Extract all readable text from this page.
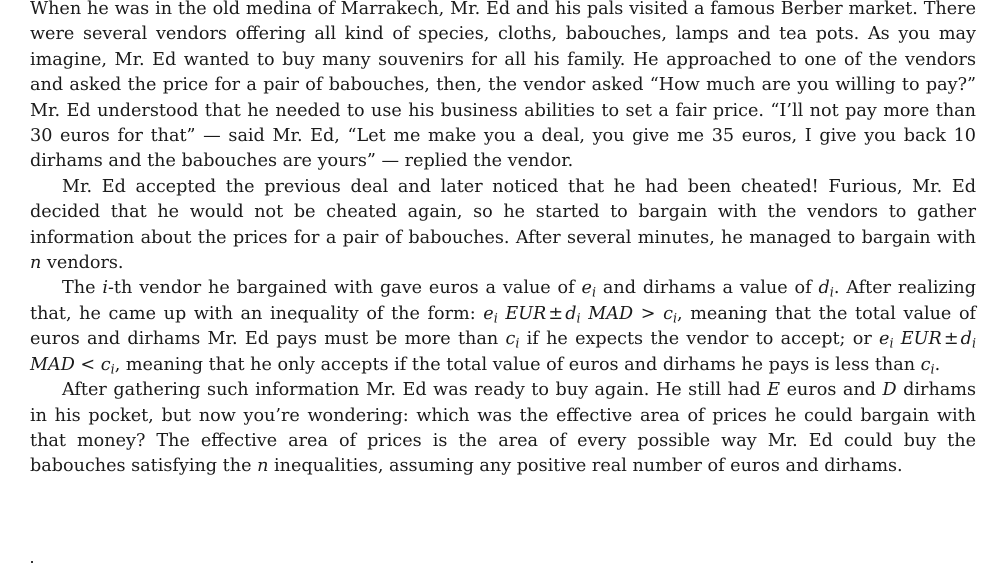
When he was in the old medina of Marrakech, Mr. Ed and his pals visited a famous Berber market. There were several vendors offering all kind of species, cloths, babouches, lamps and tea pots. As you may imagine, Mr. Ed wanted to buy many souvenirs for all his family. He approached to one of the vendors and asked the price for a pair of babouches, then, the vendor asked “How much are you willing to pay?” Mr. Ed understood that he needed to use his business abilities to set a fair price. “I’ll not pay more than 30 euros for that” — said Mr. Ed, “Let me make you a deal, you give me 35 euros, I give you back 10 dirhams and the babouches are yours” — replied the vendor.

Mr. Ed accepted the previous deal and later noticed that he had been cheated! Furious, Mr. Ed decided that he would not be cheated again, so he started to bargain with the vendors to gather information about the prices for a pair of babouches. After several minutes, he managed to bargain with n vendors.

The i-th vendor he bargained with gave euros a value of $e_i$ and dirhams a value of $d_i$. After realizing that, he came up with an inequality of the form: $e_i$ EUR ± $d_i$ MAD > $c_i$, meaning that the total value of euros and dirhams Mr. Ed pays must be more than $c_i$ if he expects the vendor to accept; or $e_i$ EUR ± $d_i$ MAD < $c_i$, meaning that he only accepts if the total value of euros and dirhams he pays is less than $c_i$.

After gathering such information Mr. Ed was ready to buy again. He still had E euros and D dirhams in his pocket, but now you’re wondering: which was the effective area of prices he could bargain with that money? The effective area of prices is the area of every possible way Mr. Ed could buy the babouches satisfying the n inequalities, assuming any positive real number of euros and dirhams.
